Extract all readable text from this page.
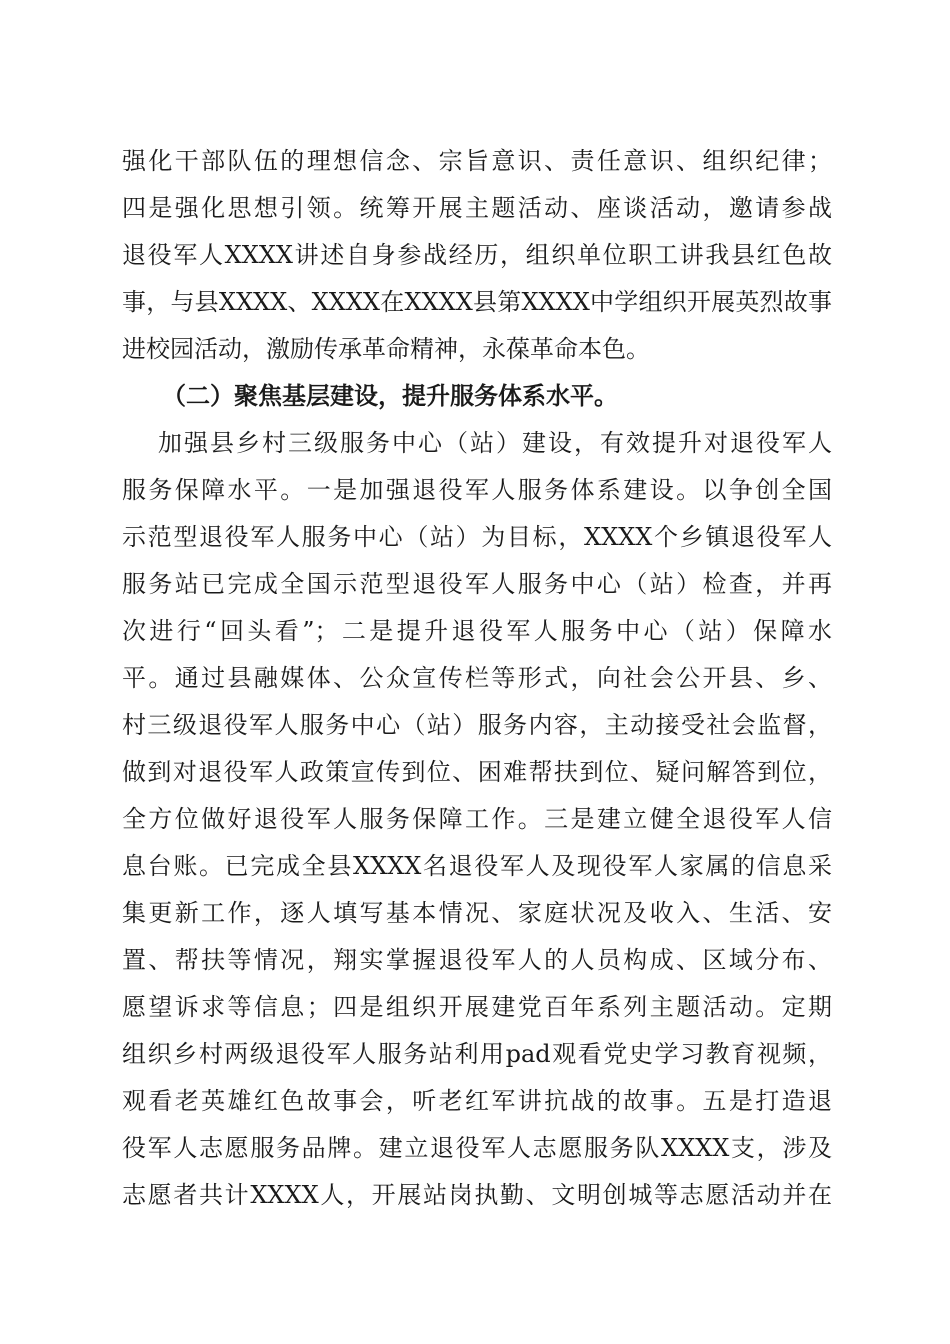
强化干部队伍的理想信念、宗旨意识、责任意识、组织纪律；
四是强化思想引领。统筹开展主题活动、座谈活动，邀请参战
退役军人XXXX讲述自身参战经历，组织单位职工讲我县红色故
事，与县XXXX、XXXX在XXXX县第XXXX中学组织开展英烈故事
进校园活动，激励传承革命精神，永葆革命本色。
（二）聚焦基层建设，提升服务体系水平。
加强县乡村三级服务中心（站）建设，有效提升对退役军人
服务保障水平。一是加强退役军人服务体系建设。以争创全国
示范型退役军人服务中心（站）为目标，XXXX个乡镇退役军人
服务站已完成全国示范型退役军人服务中心（站）检查，并再
次进行“回头看”；二是提升退役军人服务中心（站）保障水
平。通过县融媒体、公众宣传栏等形式，向社会公开县、乡、
村三级退役军人服务中心（站）服务内容，主动接受社会监督，
做到对退役军人政策宣传到位、困难帮扶到位、疑问解答到位，
全方位做好退役军人服务保障工作。三是建立健全退役军人信
息台账。已完成全县XXXX名退役军人及现役军人家属的信息采
集更新工作，逐人填写基本情况、家庭状况及收入、生活、安
置、帮扶等情况，翔实掌握退役军人的人员构成、区域分布、
愿望诉求等信息；四是组织开展建党百年系列主题活动。定期
组织乡村两级退役军人服务站利用pad观看党史学习教育视频，
观看老英雄红色故事会，听老红军讲抗战的故事。五是打造退
役军人志愿服务品牌。建立退役军人志愿服务队XXXX支，涉及
志愿者共计XXXX人，开展站岗执勤、文明创城等志愿活动并在
